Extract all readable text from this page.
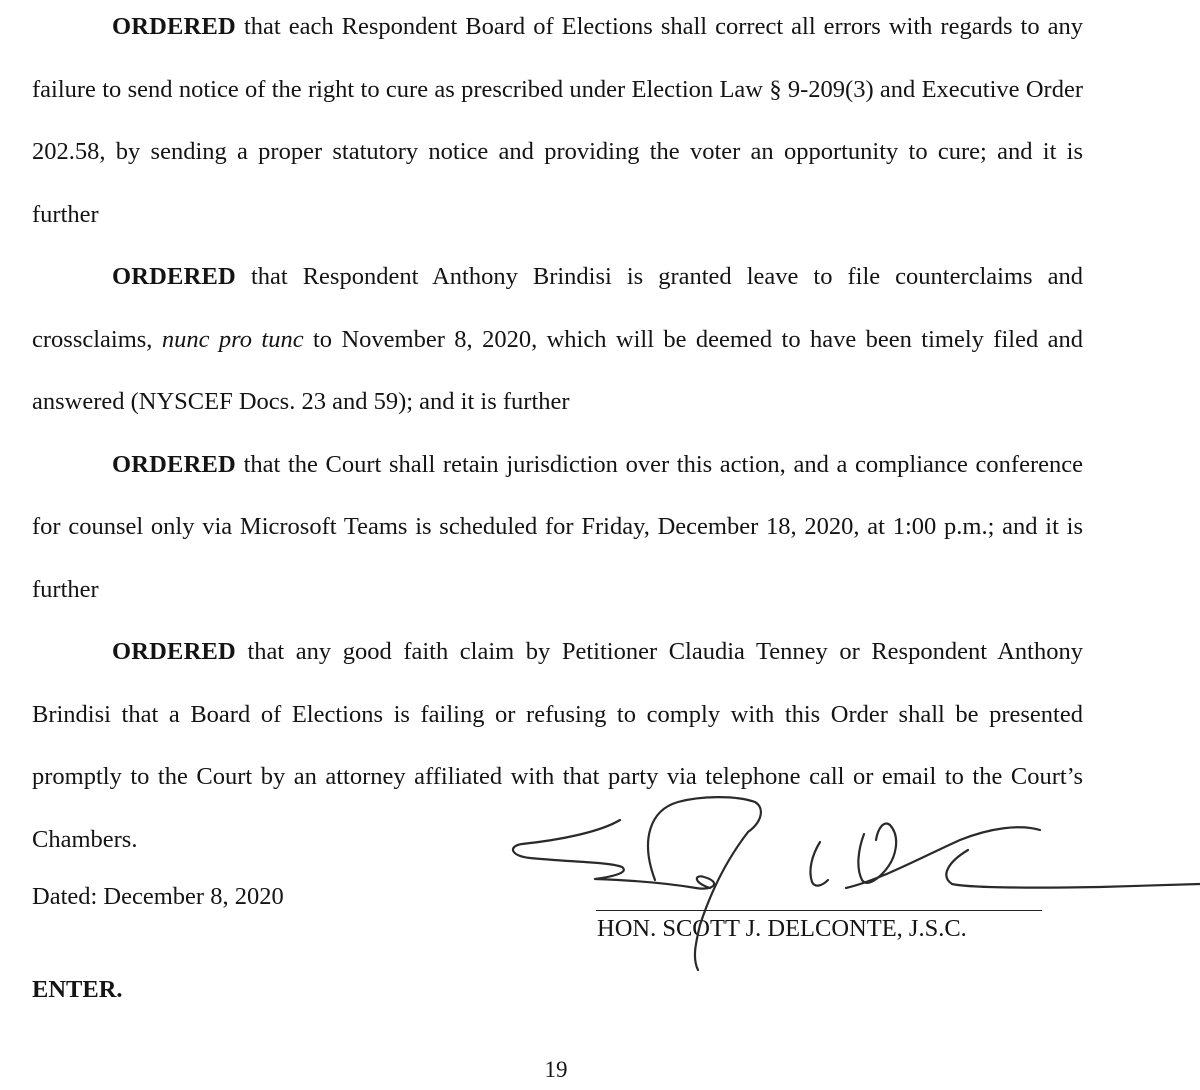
ORDERED that each Respondent Board of Elections shall correct all errors with regards to any failure to send notice of the right to cure as prescribed under Election Law § 9-209(3) and Executive Order 202.58, by sending a proper statutory notice and providing the voter an opportunity to cure; and it is further

ORDERED that Respondent Anthony Brindisi is granted leave to file counterclaims and crossclaims, nunc pro tunc to November 8, 2020, which will be deemed to have been timely filed and answered (NYSCEF Docs. 23 and 59); and it is further

ORDERED that the Court shall retain jurisdiction over this action, and a compliance conference for counsel only via Microsoft Teams is scheduled for Friday, December 18, 2020, at 1:00 p.m.; and it is further

ORDERED that any good faith claim by Petitioner Claudia Tenney or Respondent Anthony Brindisi that a Board of Elections is failing or refusing to comply with this Order shall be presented promptly to the Court by an attorney affiliated with that party via telephone call or email to the Court’s Chambers.

Dated: December 8, 2020
HON. SCOTT J. DELCONTE, J.S.C.
ENTER.
19
